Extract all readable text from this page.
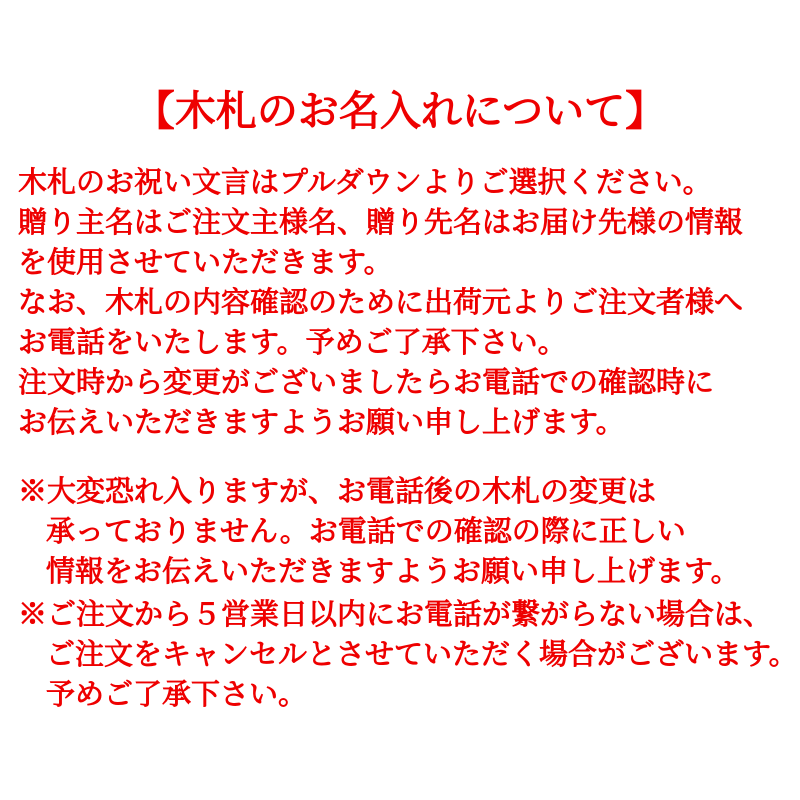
【木札のお名入れについて】
木札のお祝い文言はプルダウンよりご選択ください。
贈り主名はご注文主様名、贈り先名はお届け先様の情報
を使用させていただきます。
なお、木札の内容確認のために出荷元よりご注文者様へ
お電話をいたします。予めご了承下さい。
注文時から変更がございましたらお電話での確認時に
お伝えいただきますようお願い申し上げます。
※大変恐れ入りますが、お電話後の木札の変更は
承っておりません。お電話での確認の際に正しい
情報をお伝えいただきますようお願い申し上げます。
※ご注文から５営業日以内にお電話が繋がらない場合は、
ご注文をキャンセルとさせていただく場合がございます。
予めご了承下さい。
